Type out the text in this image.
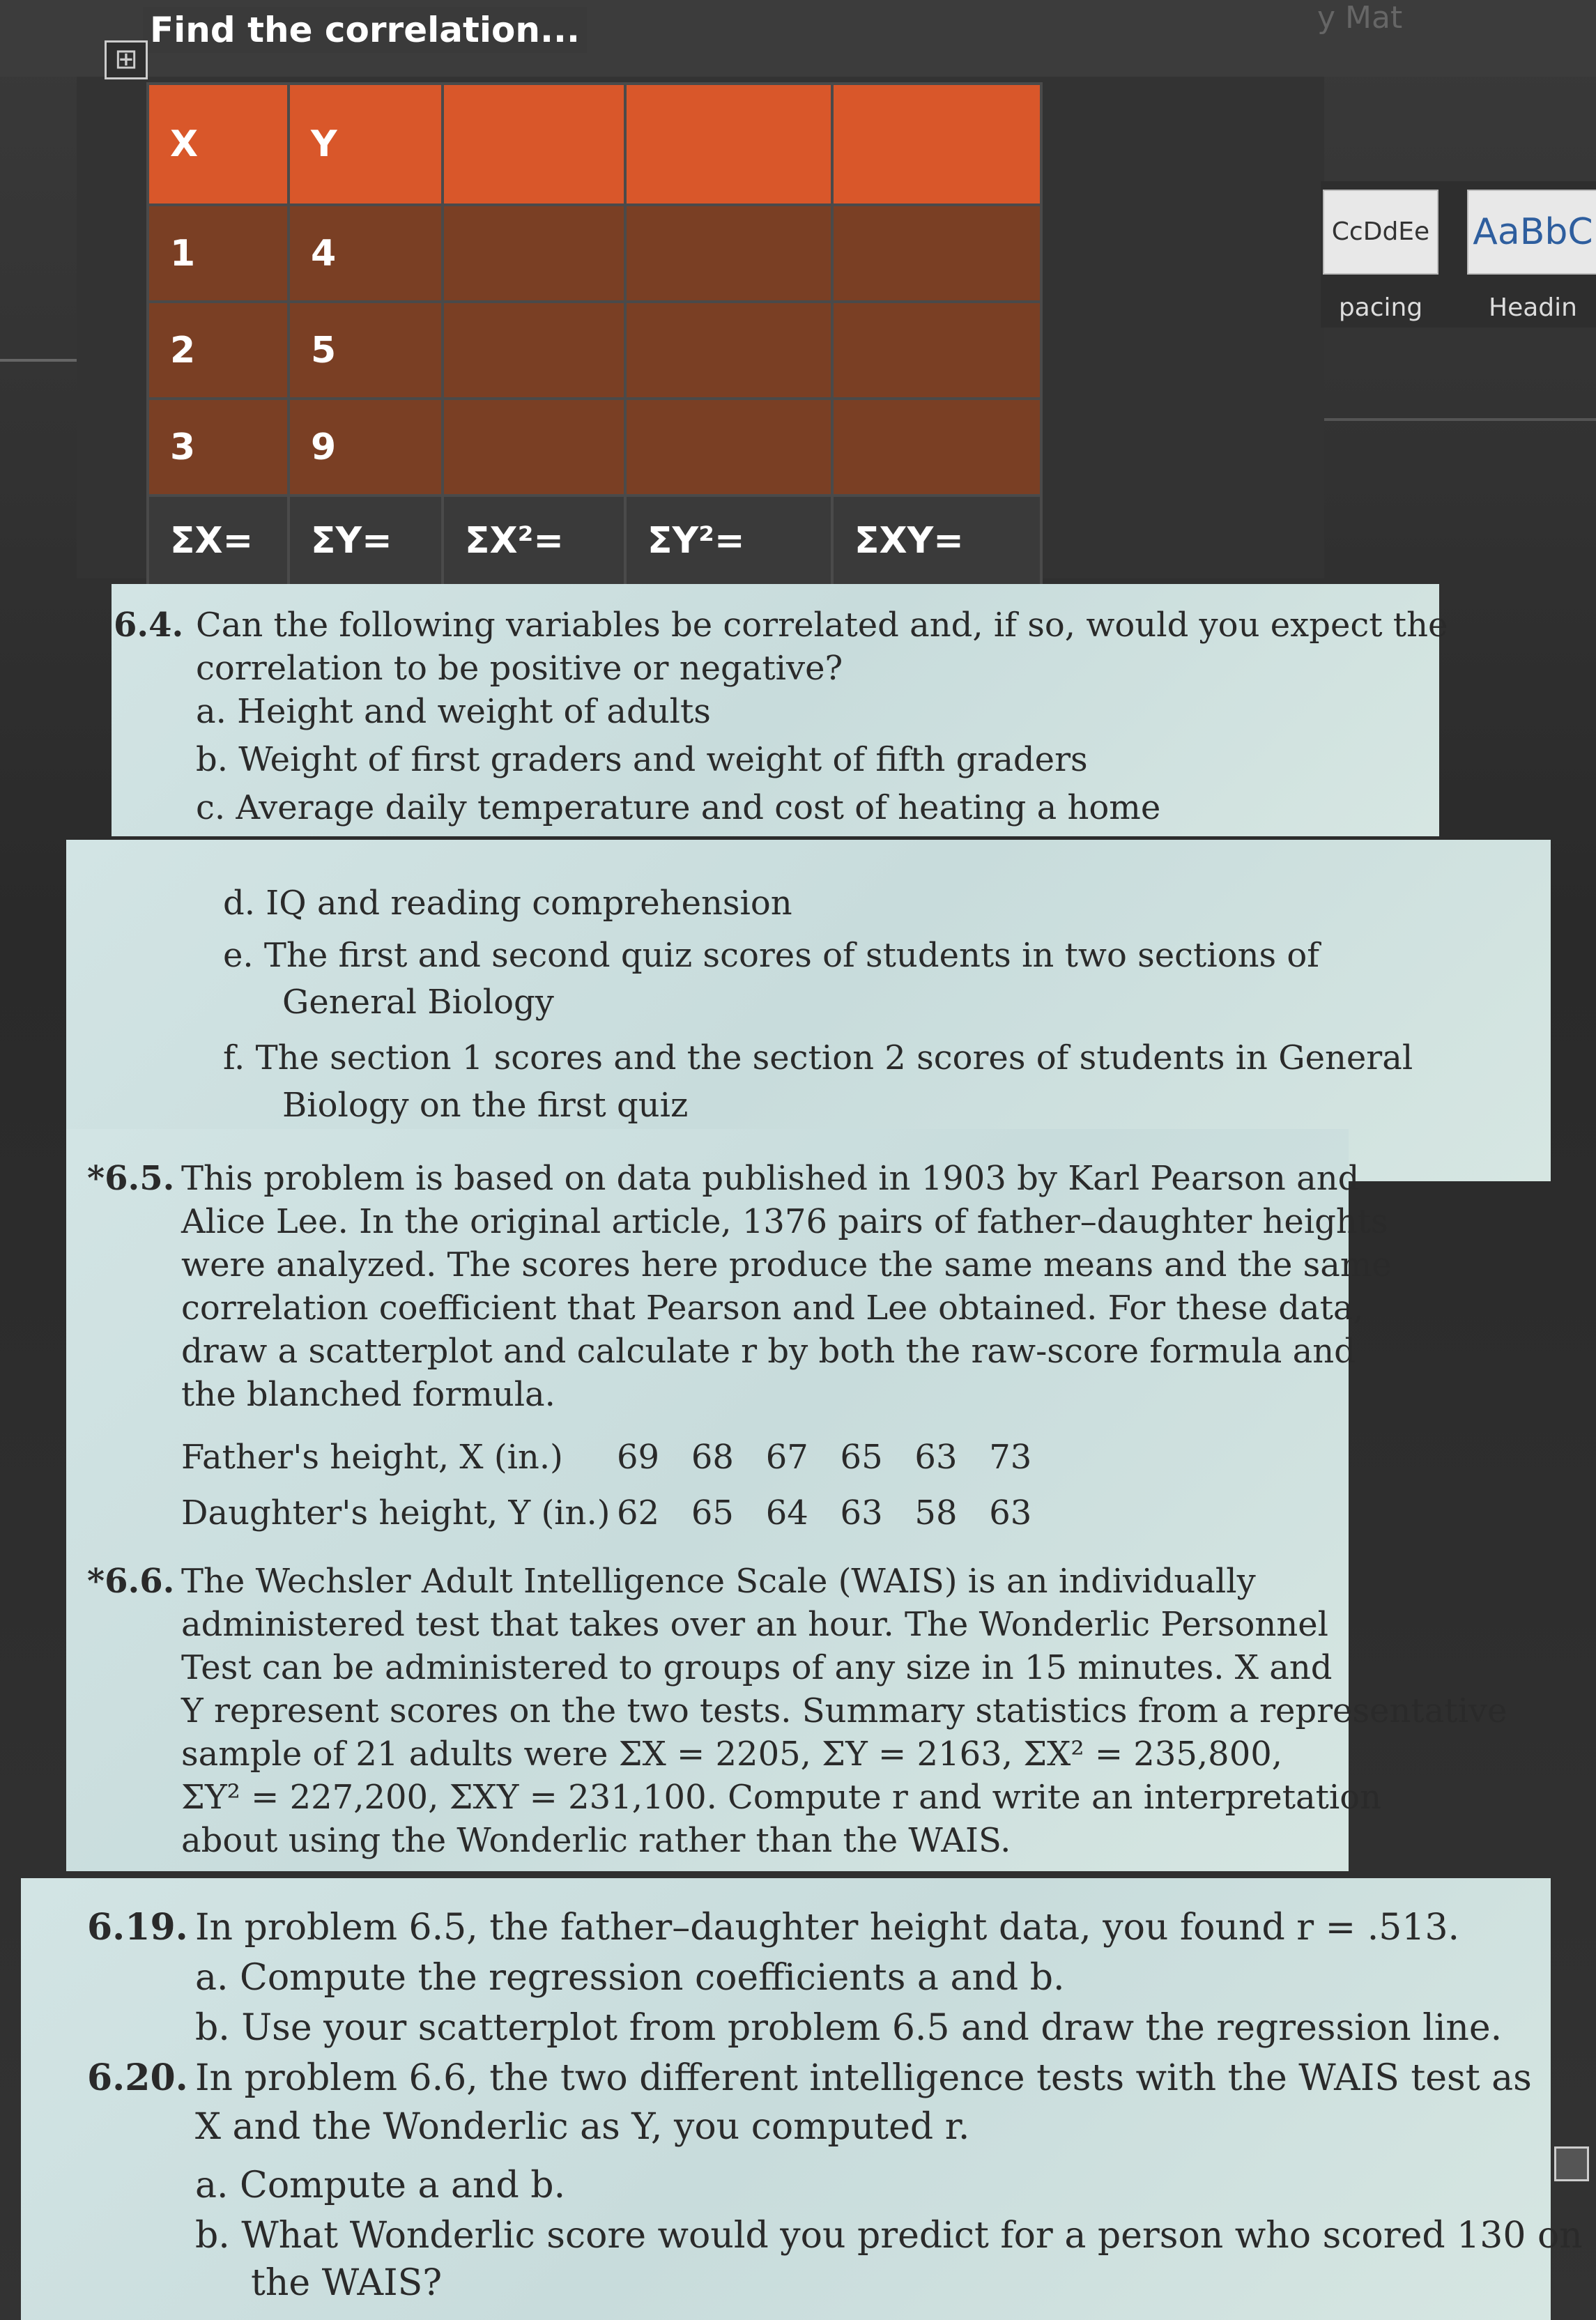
y Mat
Find the correlation...
⊞
X	Y			

1	4			

2	5			

3	9			

ΣX=	ΣY=	ΣX²=	ΣY²=	ΣXY=
CcDdEe
pacing
AaBbC
Headin
6.4. Can the following variables be correlated and, if so, would you expect the
correlation to be positive or negative?
a. Height and weight of adults
b. Weight of first graders and weight of fifth graders
c. Average daily temperature and cost of heating a home
d. IQ and reading comprehension
e. The first and second quiz scores of students in two sections of
General Biology
f. The section 1 scores and the section 2 scores of students in General
Biology on the first quiz
*6.5. This problem is based on data published in 1903 by Karl Pearson and
Alice Lee. In the original article, 1376 pairs of father–daughter heights
were analyzed. The scores here produce the same means and the same
correlation coefficient that Pearson and Lee obtained. For these data,
draw a scatterplot and calculate r by both the raw-score formula and
the blanched formula.
Father's height, X (in.) 69   68   67   65   63   73
Daughter's height, Y (in.) 62   65   64   63   58   63
*6.6. The Wechsler Adult Intelligence Scale (WAIS) is an individually
administered test that takes over an hour. The Wonderlic Personnel
Test can be administered to groups of any size in 15 minutes. X and
Y represent scores on the two tests. Summary statistics from a representative
sample of 21 adults were ΣX = 2205, ΣY = 2163, ΣX² = 235,800,
ΣY² = 227,200, ΣXY = 231,100. Compute r and write an interpretation
about using the Wonderlic rather than the WAIS.
6.19. In problem 6.5, the father–daughter height data, you found r = .513.
a. Compute the regression coefficients a and b.
b. Use your scatterplot from problem 6.5 and draw the regression line.
6.20. In problem 6.6, the two different intelligence tests with the WAIS test as
X and the Wonderlic as Y, you computed r.
a. Compute a and b.
b. What Wonderlic score would you predict for a person who scored 130 on
the WAIS?
